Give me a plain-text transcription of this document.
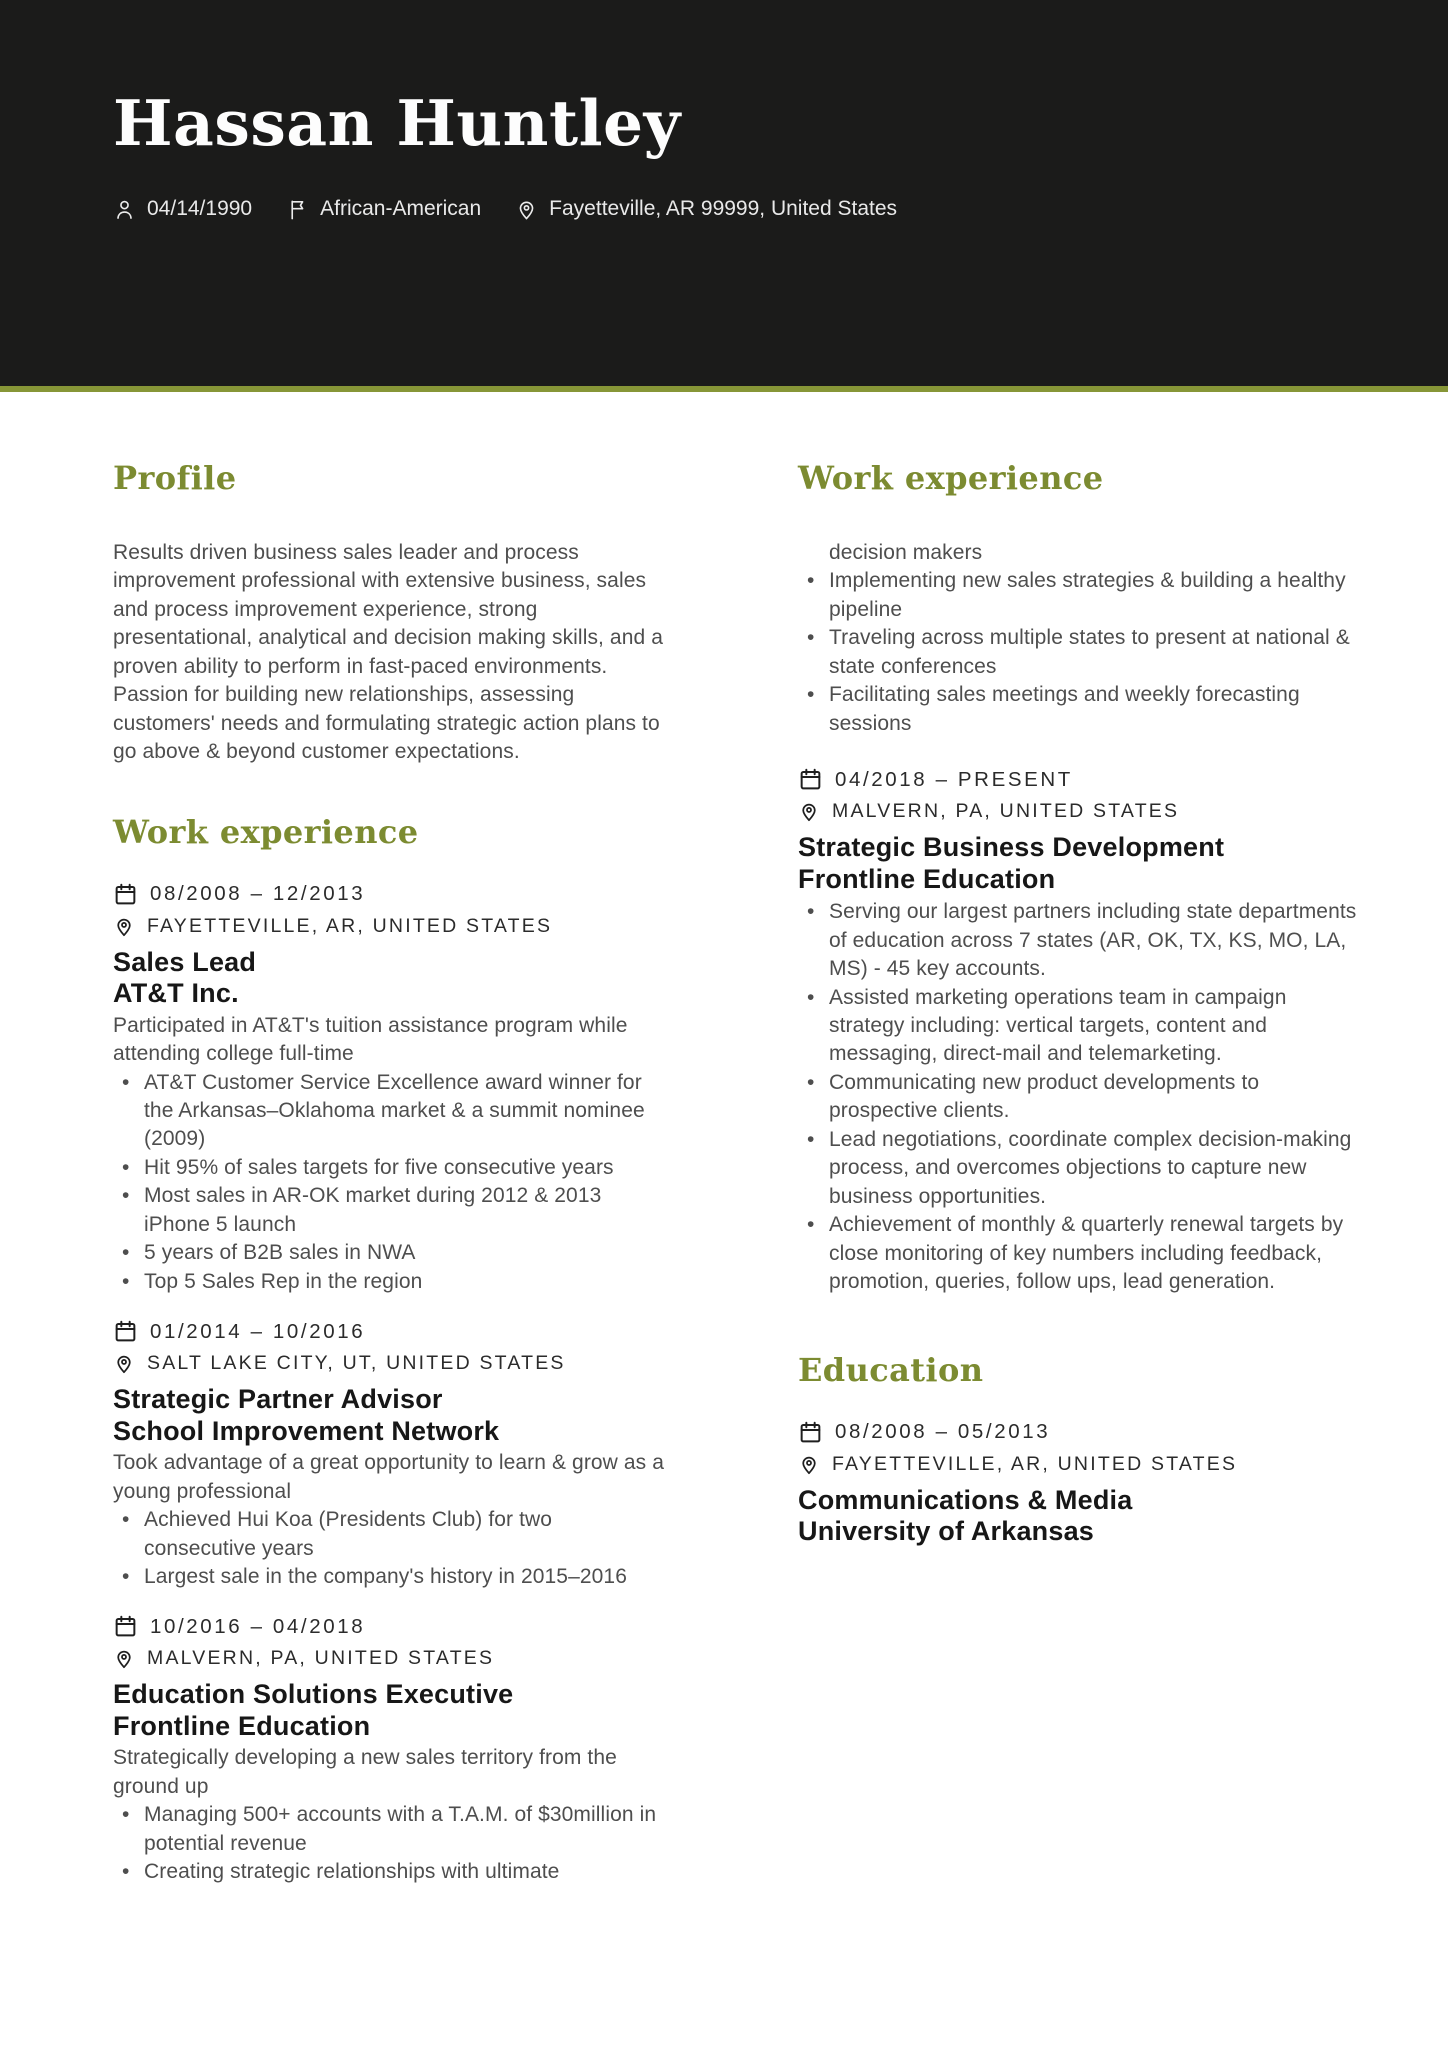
Hassan Huntley
04/14/1990	African-American	Fayetteville, AR 99999, United States
Profile

Results driven business sales leader and process improvement professional with extensive business, sales and process improvement experience, strong presentational, analytical and decision making skills, and a proven ability to perform in fast-paced environments. Passion for building new relationships, assessing customers' needs and formulating strategic action plans to go above & beyond customer expectations.

Work experience
08/2008 – 12/2013
FAYETTEVILLE, AR, UNITED STATES
Sales Lead
AT&T Inc.

Participated in AT&T's tuition assistance program while attending college full-time

• AT&T Customer Service Excellence award winner for the Arkansas–Oklahoma market & a summit nominee (2009)
• Hit 95% of sales targets for five consecutive years
• Most sales in AR-OK market during 2012 & 2013 iPhone 5 launch
• 5 years of B2B sales in NWA
• Top 5 Sales Rep in the region
01/2014 – 10/2016
SALT LAKE CITY, UT, UNITED STATES
Strategic Partner Advisor
School Improvement Network

Took advantage of a great opportunity to learn & grow as a young professional

• Achieved Hui Koa (Presidents Club) for two consecutive years
• Largest sale in the company's history in 2015–2016
10/2016 – 04/2018
MALVERN, PA, UNITED STATES
Education Solutions Executive
Frontline Education

Strategically developing a new sales territory from the ground up

• Managing 500+ accounts with a T.A.M. of $30million in potential revenue
• Creating strategic relationships with ultimate
Work experience
decision makers
• Implementing new sales strategies & building a healthy pipeline
• Traveling across multiple states to present at national & state conferences
• Facilitating sales meetings and weekly forecasting sessions
04/2018 – PRESENT
MALVERN, PA, UNITED STATES
Strategic Business Development
Frontline Education
• Serving our largest partners including state departments of education across 7 states (AR, OK, TX, KS, MO, LA, MS) - 45 key accounts.
• Assisted marketing operations team in campaign strategy including: vertical targets, content and messaging, direct-mail and telemarketing.
• Communicating new product developments to prospective clients.
• Lead negotiations, coordinate complex decision-making process, and overcomes objections to capture new business opportunities.
• Achievement of monthly & quarterly renewal targets by close monitoring of key numbers including feedback, promotion, queries, follow ups, lead generation.
Education
08/2008 – 05/2013
FAYETTEVILLE, AR, UNITED STATES
Communications & Media
University of Arkansas
